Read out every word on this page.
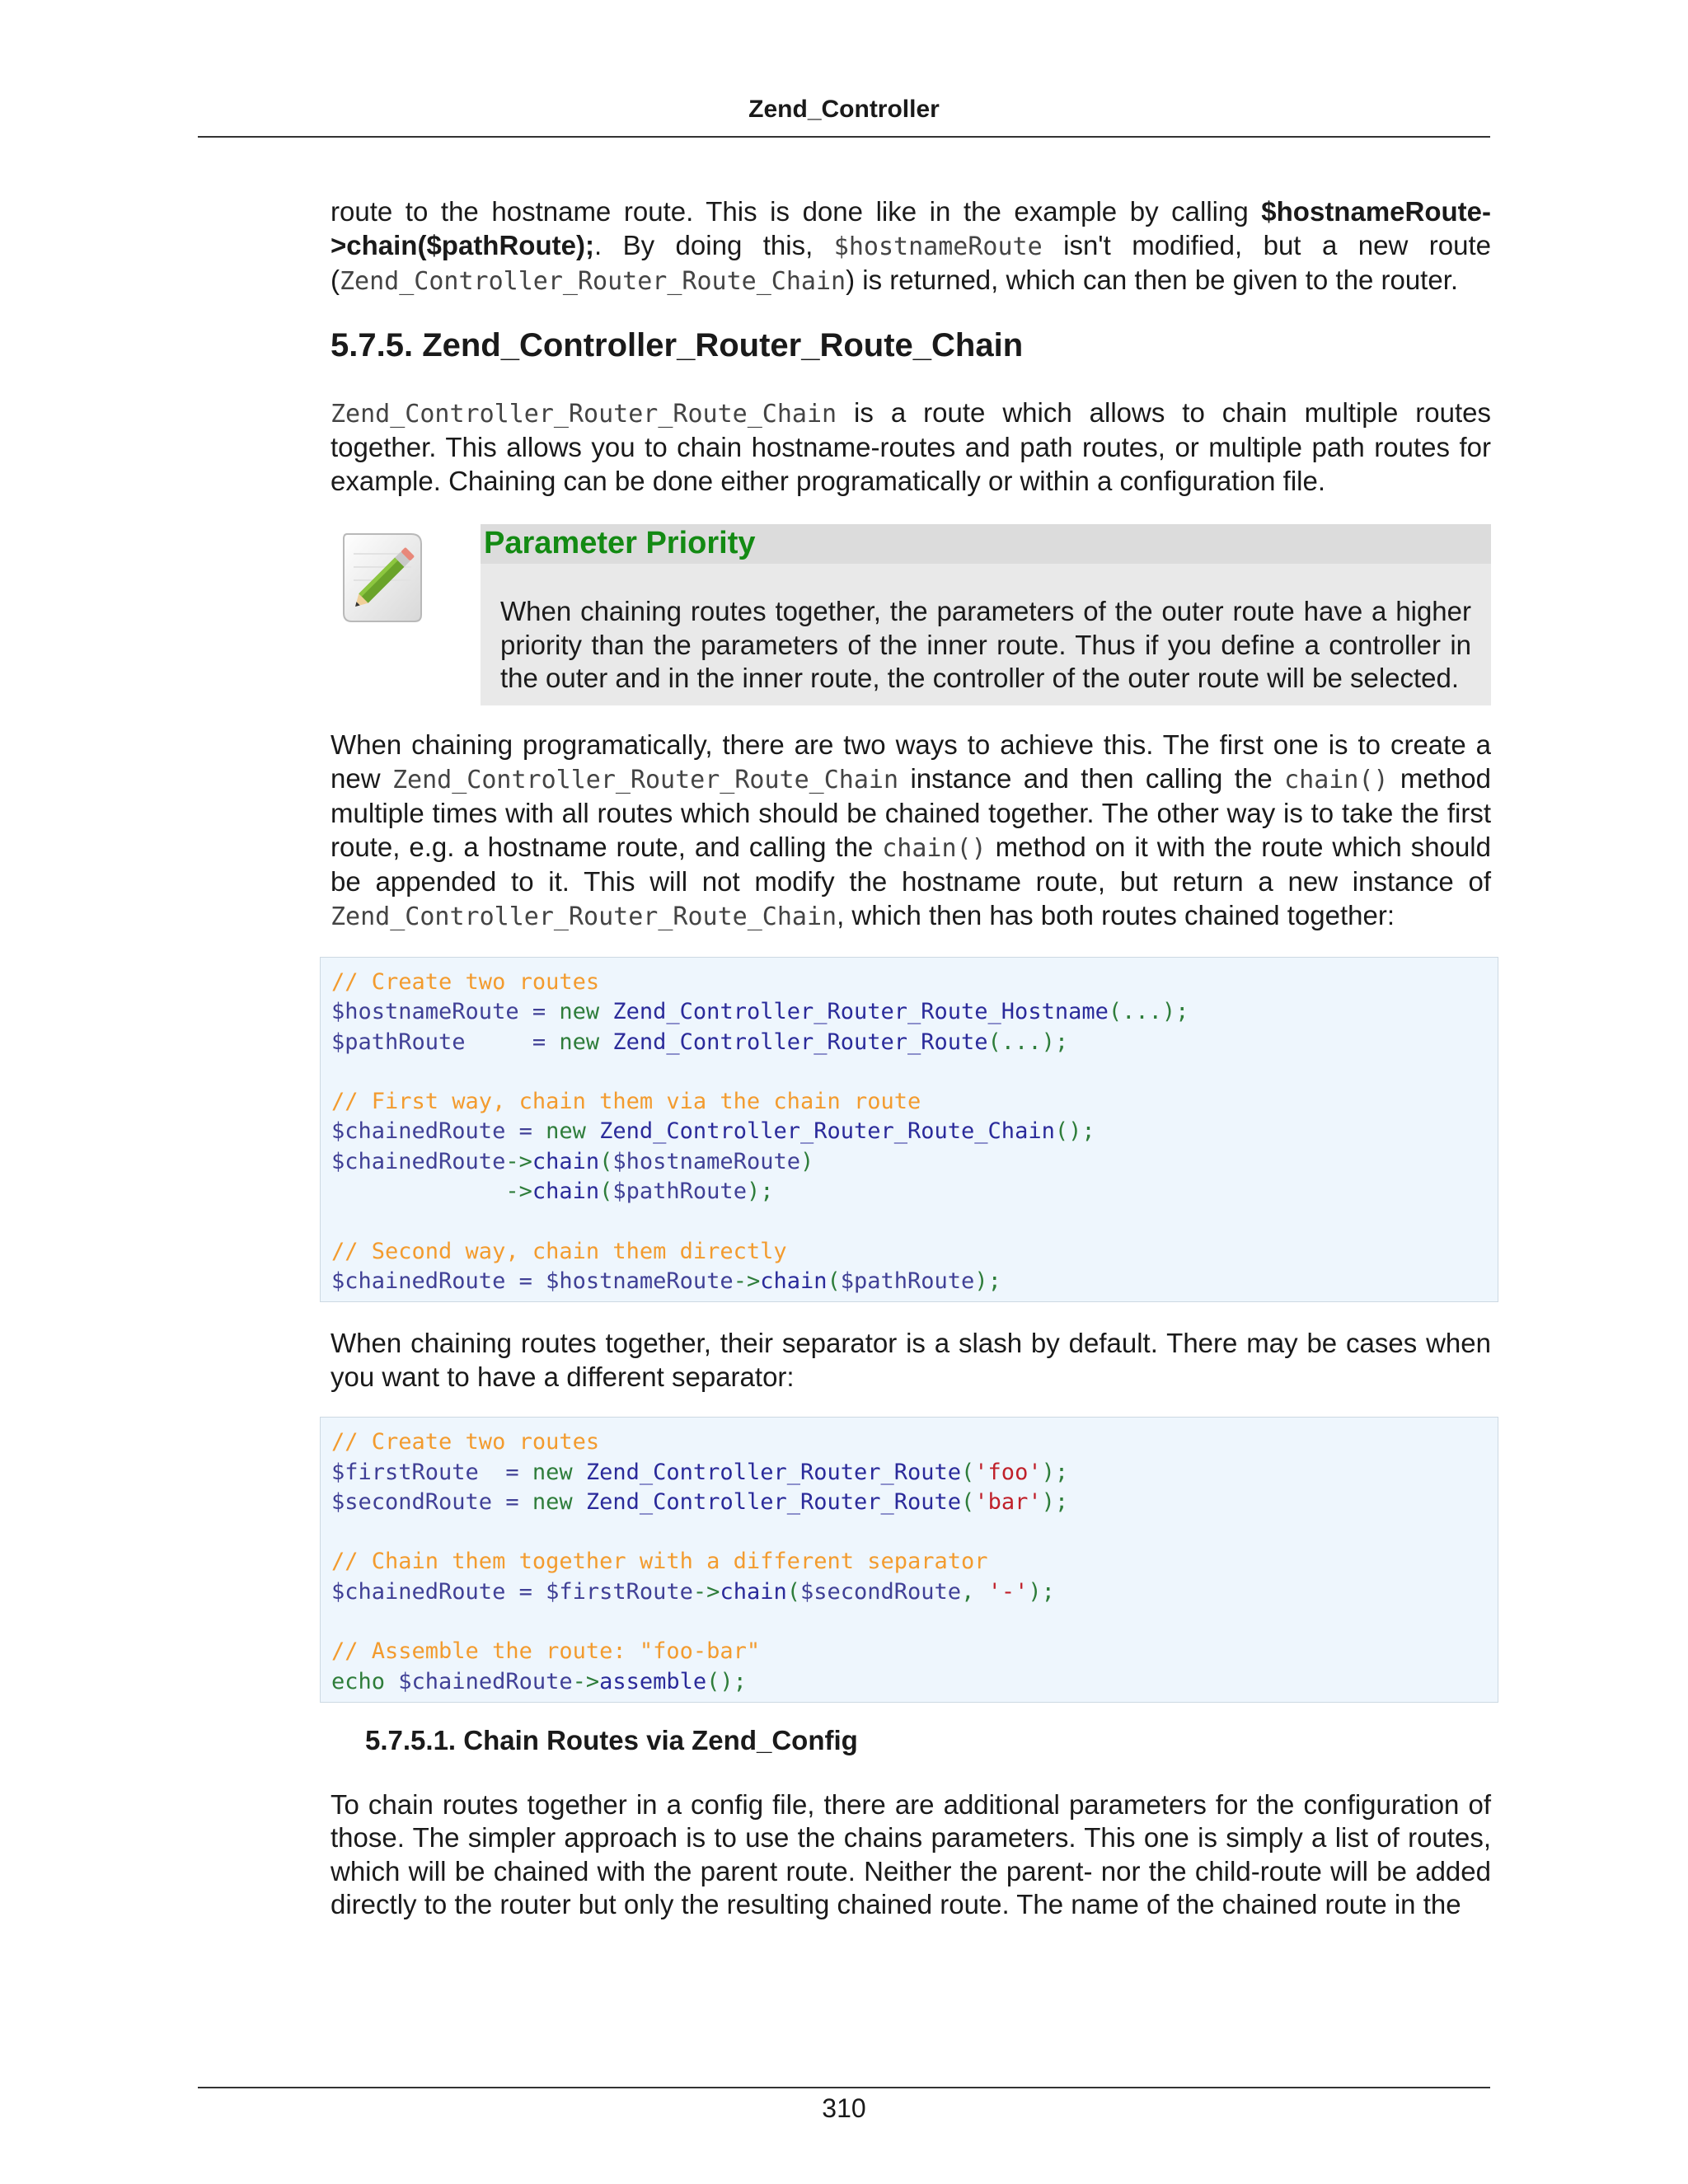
Zend_Controller

route to the hostname route. This is done like in the example by calling $hostnameRoute->chain($pathRoute);. By doing this, $hostnameRoute isn't modified, but a new route (Zend_Controller_Router_Route_Chain) is returned, which can then be given to the router.

5.7.5. Zend_Controller_Router_Route_Chain

Zend_Controller_Router_Route_Chain is a route which allows to chain multiple routes together. This allows you to chain hostname-routes and path routes, or multiple path routes for example. Chaining can be done either programatically or within a configuration file.

Parameter Priority

When chaining routes together, the parameters of the outer route have a higher priority than the parameters of the inner route. Thus if you define a controller in the outer and in the inner route, the controller of the outer route will be selected.

When chaining programatically, there are two ways to achieve this. The first one is to create a new Zend_Controller_Router_Route_Chain instance and then calling the chain() method multiple times with all routes which should be chained together. The other way is to take the first route, e.g. a hostname route, and calling the chain() method on it with the route which should be appended to it. This will not modify the hostname route, but return a new instance of Zend_Controller_Router_Route_Chain, which then has both routes chained together:

// Create two routes
$hostnameRoute = new Zend_Controller_Router_Route_Hostname(...);
$pathRoute     = new Zend_Controller_Router_Route(...);

// First way, chain them via the chain route
$chainedRoute = new Zend_Controller_Router_Route_Chain();
$chainedRoute->chain($hostnameRoute)
->chain($pathRoute);

// Second way, chain them directly
$chainedRoute = $hostnameRoute->chain($pathRoute);

When chaining routes together, their separator is a slash by default. There may be cases when you want to have a different separator:

// Create two routes
$firstRoute  = new Zend_Controller_Router_Route('foo');
$secondRoute = new Zend_Controller_Router_Route('bar');

// Chain them together with a different separator
$chainedRoute = $firstRoute->chain($secondRoute, '-');

// Assemble the route: "foo-bar"
echo $chainedRoute->assemble();
5.7.5.1. Chain Routes via Zend_Config

To chain routes together in a config file, there are additional parameters for the configuration of those. The simpler approach is to use the chains parameters. This one is simply a list of routes, which will be chained with the parent route. Neither the parent- nor the child-route will be added directly to the router but only the resulting chained route. The name of the chained route in the

310
